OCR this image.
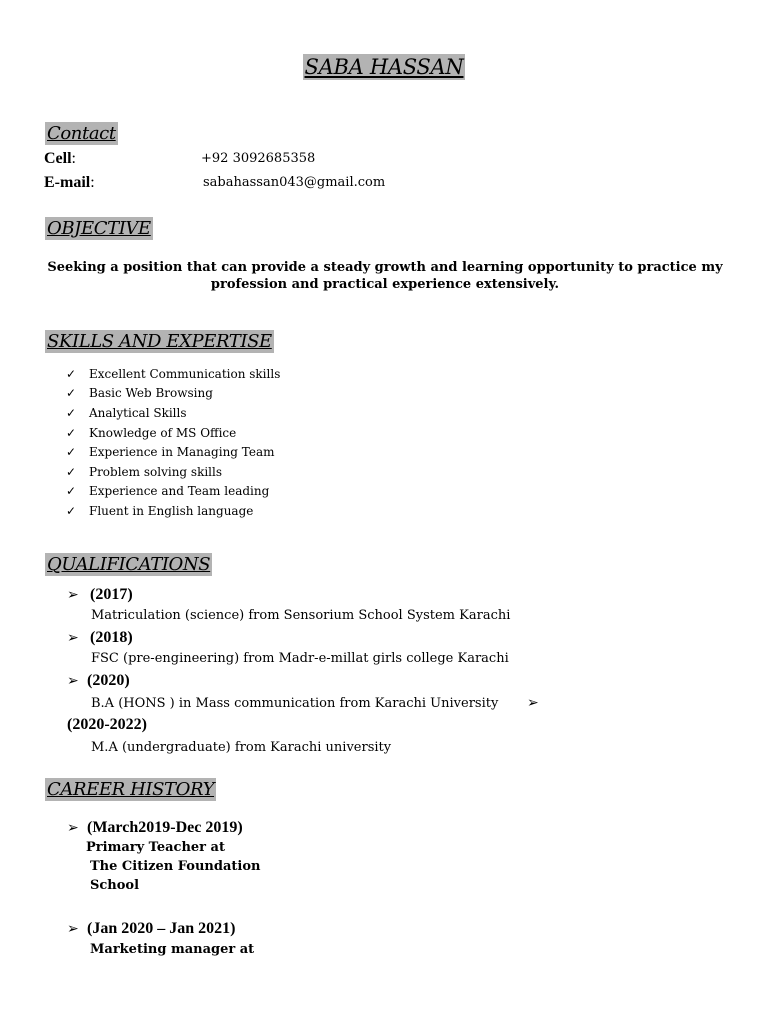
SABA HASSAN
Contact
Cell:	+92 3092685358
E-mail:	sabahassan043@gmail.com
OBJECTIVE
Seeking a position that can provide a steady growth and learning opportunity to practice my profession and practical experience extensively.
SKILLS AND EXPERTISE
✓	Excellent Communication skills
✓	Basic Web Browsing
✓	Analytical Skills
✓	Knowledge of MS Office
✓	Experience in Managing Team
✓	Problem solving skills
✓	Experience and Team leading
✓	Fluent in English language
QUALIFICATIONS
➢ (2017)
Matriculation (science) from Sensorium School System Karachi
➢ (2018)
FSC (pre-engineering) from Madr-e-millat girls college Karachi
➢ (2020)
B.A (HONS ) in Mass communication from Karachi University ➢
(2020-2022)
M.A (undergraduate) from Karachi university
CAREER HISTORY
➢ (March2019-Dec 2019)
Primary Teacher at
The Citizen Foundation
School
➢ (Jan 2020 – Jan 2021)
Marketing manager at
